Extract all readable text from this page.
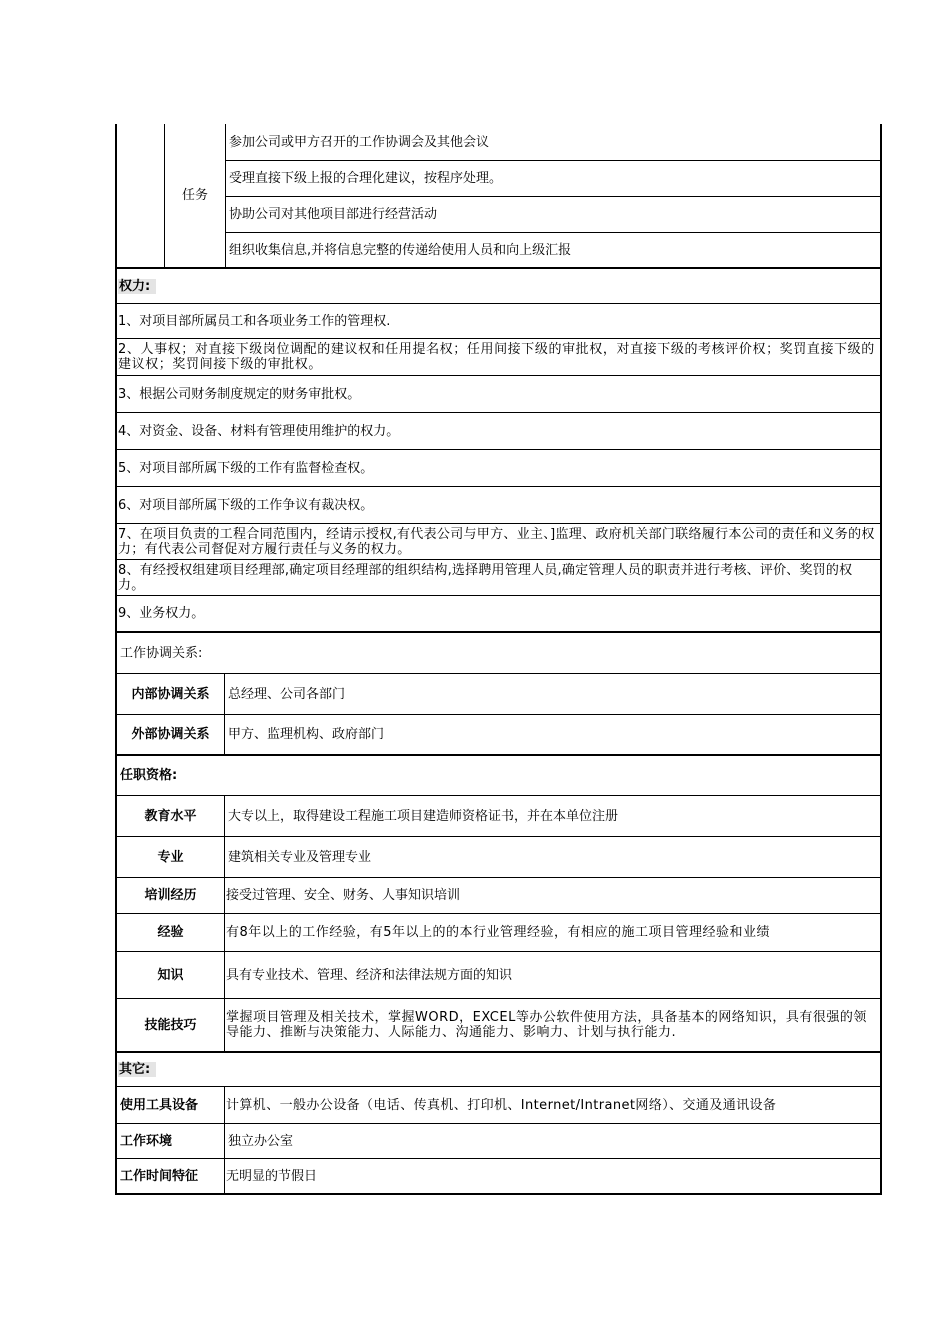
任务
参加公司或甲方召开的工作协调会及其他会议
受理直接下级上报的合理化建议，按程序处理。
协助公司对其他项目部进行经营活动
组织收集信息,并将信息完整的传递给使用人员和向上级汇报
权力:
1、对项目部所属员工和各项业务工作的管理权.
2、人事权；对直接下级岗位调配的建议权和任用提名权；任用间接下级的审批权，对直接下级的考核评价权；奖罚直接下级的建议权；奖罚间接下级的审批权。
3、根据公司财务制度规定的财务审批权。
4、对资金、设备、材料有管理使用维护的权力。
5、对项目部所属下级的工作有监督检查权。
6、对项目部所属下级的工作争议有裁决权。
7、在项目负责的工程合同范围内，经请示授权,有代表公司与甲方、业主、]监理、政府机关部门联络履行本公司的责任和义务的权力；有代表公司督促对方履行责任与义务的权力。
8、有经授权组建项目经理部,确定项目经理部的组织结构,选择聘用管理人员,确定管理人员的职责并进行考核、评价、奖罚的权力。
9、业务权力。
工作协调关系:
内部协调关系	总经理、公司各部门
外部协调关系	甲方、监理机构、政府部门
任职资格:
教育水平	大专以上，取得建设工程施工项目建造师资格证书，并在本单位注册
专业	建筑相关专业及管理专业
培训经历	接受过管理、安全、财务、人事知识培训
经验	有8年以上的工作经验，有5年以上的的本行业管理经验，有相应的施工项目管理经验和业绩
知识	具有专业技术、管理、经济和法律法规方面的知识
技能技巧	掌握项目管理及相关技术，掌握WORD，EXCEL等办公软件使用方法，具备基本的网络知识，具有很强的领导能力、推断与决策能力、人际能力、沟通能力、影响力、计划与执行能力.
其它:
使用工具设备	计算机、一般办公设备（电话、传真机、打印机、Internet/Intranet网络）、交通及通讯设备
工作环境	独立办公室
工作时间特征	无明显的节假日
